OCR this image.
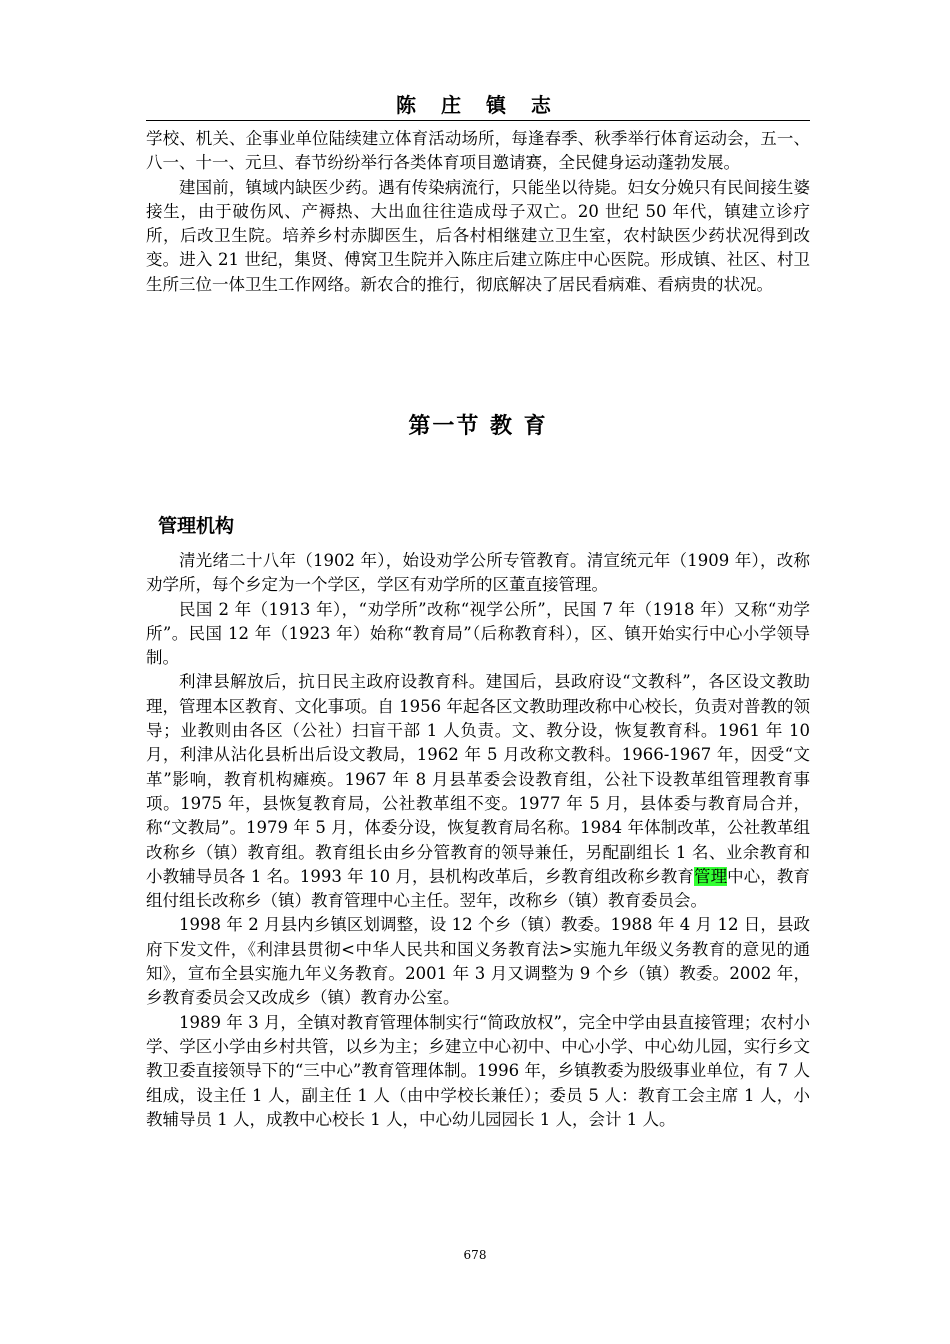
陈 庄 镇 志

学校、机关、企事业单位陆续建立体育活动场所，每逢春季、秋季举行体育运动会，五一、八一、十一、元旦、春节纷纷举行各类体育项目邀请赛，全民健身运动蓬勃发展。

建国前，镇域内缺医少药。遇有传染病流行，只能坐以待毙。妇女分娩只有民间接生婆接生，由于破伤风、产褥热、大出血往往造成母子双亡。20 世纪 50 年代，镇建立诊疗所，后改卫生院。培养乡村赤脚医生，后各村相继建立卫生室，农村缺医少药状况得到改变。进入 21 世纪，集贤、傅窝卫生院并入陈庄后建立陈庄中心医院。形成镇、社区、村卫生所三位一体卫生工作网络。新农合的推行，彻底解决了居民看病难、看病贵的状况。

第一节 教 育
管理机构

清光绪二十八年（1902 年），始设劝学公所专管教育。清宣统元年（1909 年），改称劝学所，每个乡定为一个学区，学区有劝学所的区董直接管理。

民国 2 年（1913 年），“劝学所”改称“视学公所”，民国 7 年（1918 年）又称“劝学所”。民国 12 年（1923 年）始称“教育局”（后称教育科），区、镇开始实行中心小学领导制。

利津县解放后，抗日民主政府设教育科。建国后，县政府设“文教科”，各区设文教助理，管理本区教育、文化事项。自 1956 年起各区文教助理改称中心校长，负责对普教的领导；业教则由各区（公社）扫盲干部 1 人负责。文、教分设，恢复教育科。1961 年 10 月，利津从沾化县析出后设文教局，1962 年 5 月改称文教科。1966-1967 年，因受“文革”影响，教育机构瘫痪。1967 年 8 月县革委会设教育组，公社下设教革组管理教育事项。1975 年，县恢复教育局，公社教革组不变。1977 年 5 月，县体委与教育局合并，称“文教局”。1979 年 5 月，体委分设，恢复教育局名称。1984 年体制改革，公社教革组改称乡（镇）教育组。教育组长由乡分管教育的领导兼任，另配副组长 1 名、业余教育和小教辅导员各 1 名。1993 年 10 月，县机构改革后，乡教育组改称乡教育管理中心，教育组付组长改称乡（镇）教育管理中心主任。翌年，改称乡（镇）教育委员会。

1998 年 2 月县内乡镇区划调整，设 12 个乡（镇）教委。1988 年 4 月 12 日，县政府下发文件，《利津县贯彻<中华人民共和国义务教育法>实施九年级义务教育的意见的通知》，宣布全县实施九年义务教育。2001 年 3 月又调整为 9 个乡（镇）教委。2002 年，乡教育委员会又改成乡（镇）教育办公室。

1989 年 3 月，全镇对教育管理体制实行“简政放权”，完全中学由县直接管理；农村小学、学区小学由乡村共管，以乡为主；乡建立中心初中、中心小学、中心幼儿园，实行乡文教卫委直接领导下的“三中心”教育管理体制。1996 年，乡镇教委为股级事业单位，有 7 人组成，设主任 1 人，副主任 1 人（由中学校长兼任）；委员 5 人：教育工会主席 1 人，小教辅导员 1 人，成教中心校长 1 人，中心幼儿园园长 1 人，会计 1 人。

678
